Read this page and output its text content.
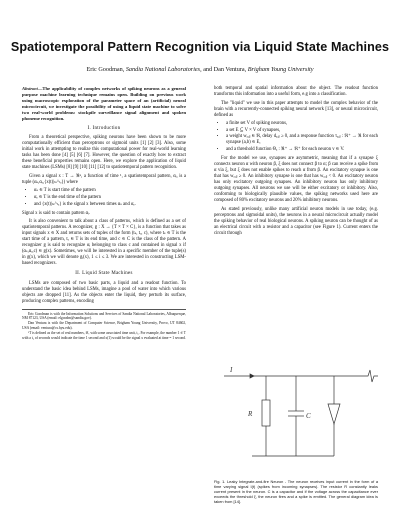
Spatiotemporal Pattern Recognition via Liquid State Machines
Eric Goodman, Sandia National Laboratories, and Dan Ventura, Brigham Young University

Abstract—The applicability of complex networks of spiking neurons as a general purpose machine learning technique remains open. Building on previous work using macroscopic exploration of the parameter space of an (artificial) neural microcircuit, we investigate the possibility of using a liquid state machine to solve two real-world problems: stockpile surveillance signal alignment and spoken phoneme recognition.

I. Introduction

From a theoretical perspective, spiking neurons have been shown to be more computationally efficient than perceptrons or sigmoid units [1] [2] [3]. Also, some initial work in attempting to realize this computational power for real-world learning tasks has been done [4] [5] [6] [7]. However, the question of exactly how to extract these beneficial properties remains open. Here, we explore the application of liquid state machines (LSMs) [8] [9] [10] [11] [12] to spatiotemporal pattern recognition.

Given a signal x : T → ℜⁿ, a function of time ¹, a spatiotemporal pattern, αᵢ, is a tuple (αₛ,αₑ,{x(t)|ₜₛ^ₜₑ}) where

• αₛ ∈ T is start time of the pattern
• αₑ ∈ T is the end time of the pattern
• and {x(t)|ₜₛ^ₜₑ} is the signal x between times αₛ and αₑ.

Signal x is said to contain pattern αᵢ.

It is also convenient to talk about a class of patterns, which is defined as a set of spatiotemporal patterns. A recognizer, g : X → {T × T × C}, is a function that takes as input signals x ∈ X and returns sets of tuples of the form (tₛ, tₑ, c), where tₛ ∈ T is the start time of a pattern, tₑ ∈ T is its end time, and c ∈ C is the class of the pattern. A recognizer g is said to recognize αᵢ belonging to class c and contained in signal x if (αₛ,αₑ,c) ∈ g(x). Sometimes, we will be interested in a specific member of the tuple(s) in g(x), which we will denote gᵢ(x), 1 ≤ i ≤ 3. We are interested in constructing LSM-based recognizers.

II. Liquid State Machines

LSMs are composed of two basic parts, a liquid and a readout function. To understand the basic idea behind LSMs, imagine a pool of water into which various objects are dropped [11]. As the objects enter the liquid, they perturb its surface, producing complex patterns, encoding

Eric Goodman is with the Information Solutions and Services of Sandia National Laboratories, Albuquerque, NM 87123, USA (email: elgoodm@sandia.gov).

Dan Ventura is with the Department of Computer Science, Brigham Young University, Provo, UT 84602, USA (email: ventura@cs.byu.edu).

¹T is defined as the set of real numbers, ℜ, with some associated time unit, tᵤ. For example, the number 1 ∈ T with a tᵤ of seconds would indicate the time 1 second and x(1) would be the signal x evaluated at time = 1 second.

both temporal and spatial information about the object. The readout function transforms this information into a useful form, e.g into a classification.

The "liquid" we use in this paper attempts to model the complex behavior of the brain with a recurrently-connected spiking neural network [13], or neural microcircuit, defined as

• a finite set V of spiking neurons,
• a set E ⊆ V × V of synapses,
• a weight wₐ,ᵦ ∈ ℜ, delay dₐ,ᵦ ≥ 0, and a response function τₐ,ᵦ : ℜ⁺ → ℜ for each synapse (a,b) ∈ E,
• and a threshold function Θₐ : ℜ⁺ → ℜ⁺ for each neuron v ∈ V.

For the model we use, synapses are asymmetric, meaning that if a synapse ξ connects neuron α with neuron β, ξ does not connect β to α; β can receive a spike from α via ξ, but ξ does not enable spikes to reach α from β. An excitatory synapse is one that has wₐ,ᵦ ≥ 0. An inhibitory synapse is one that has wₐ,ᵦ < 0. An excitatory neuron has only excitatory outgoing synapses. An inhibitory neuron has only inhibitory outgoing synapses. All neurons we use will be either excitatory or inhibitory. Also, conforming to biologically plausible values, the spiking networks used here are composed of 80% excitatory neurons and 20% inhibitory neurons.

As stated previously, unlike many artificial neuron models in use today, (e.g. perceptrons and sigmoidal units), the neurons in a neural microcircuit actually model the spiking behavior of real biological neurons. A spiking neuron can be thought of as an electrical circuit with a resistor and a capacitor (see Figure 1). Current enters the circuit through

R	C
I
Fig. 1. Leaky Integrate-and-fire Neuron - The neuron receives input current in the form of a time varying signal I(t) (spikes from incoming synapses). The resistor R constantly leaks current present in the neuron. C is a capacitor and if the voltage across the capacitance ever exceeds the threshold ξ, the neuron fires and a spike is emitted. The general diagram idea is taken from [14].
